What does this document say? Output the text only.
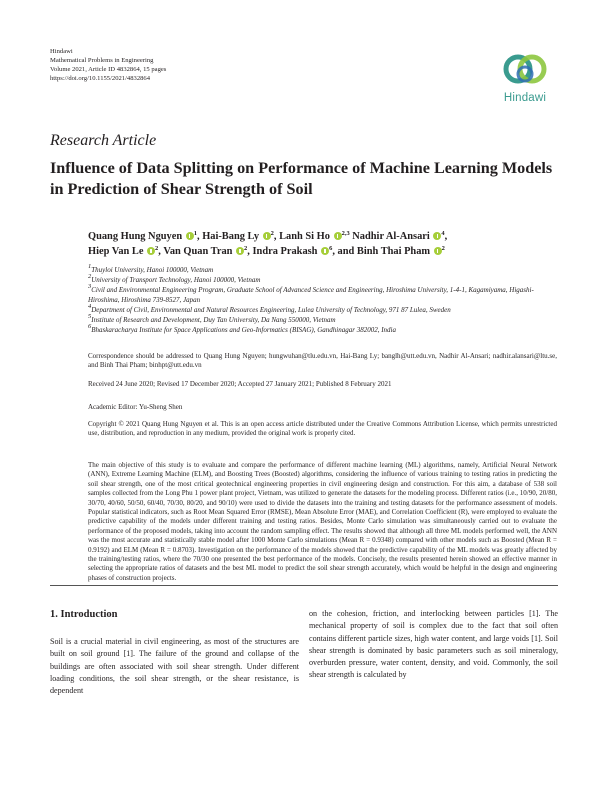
Hindawi
Mathematical Problems in Engineering
Volume 2021, Article ID 4832864, 15 pages
https://doi.org/10.1155/2021/4832864
Hindawi
Research Article
Influence of Data Splitting on Performance of Machine Learning Models in Prediction of Shear Strength of Soil
Quang Hung Nguyen $^1$, Hai-Bang Ly $^2$, Lanh Si Ho $^{2,3}$ Nadhir Al-Ansari $^4$,
Hiep Van Le $^2$, Van Quan Tran $^2$, Indra Prakash $^6$, and Binh Thai Pham $^2$
$^1$Thuyloi University, Hanoi 100000, Vietnam
$^2$University of Transport Technology, Hanoi 100000, Vietnam
$^3$Civil and Environmental Engineering Program, Graduate School of Advanced Science and Engineering, Hiroshima University, 1-4-1, Kagamiyama, Higashi-Hiroshima, Hiroshima 739-8527, Japan
$^4$Department of Civil, Environmental and Natural Resources Engineering, Lulea University of Technology, 971 87 Lulea, Sweden
$^5$Institute of Research and Development, Duy Tan University, Da Nang 550000, Vietnam
$^6$Bhaskaracharya Institute for Space Applications and Geo-Informatics (BISAG), Gandhinagar 382002, India
Correspondence should be addressed to Quang Hung Nguyen; hungwuhan@tlu.edu.vn, Hai-Bang Ly; banglh@utt.edu.vn, Nadhir Al-Ansari; nadhir.alansari@ltu.se, and Binh Thai Pham; binhpt@utt.edu.vn
Received 24 June 2020; Revised 17 December 2020; Accepted 27 January 2021; Published 8 February 2021
Academic Editor: Yu-Sheng Shen
Copyright © 2021 Quang Hung Nguyen et al. This is an open access article distributed under the Creative Commons Attribution License, which permits unrestricted use, distribution, and reproduction in any medium, provided the original work is properly cited.
The main objective of this study is to evaluate and compare the performance of different machine learning (ML) algorithms, namely, Artificial Neural Network (ANN), Extreme Learning Machine (ELM), and Boosting Trees (Boosted) algorithms, considering the influence of various training to testing ratios in predicting the soil shear strength, one of the most critical geotechnical engineering properties in civil engineering design and construction. For this aim, a database of 538 soil samples collected from the Long Phu 1 power plant project, Vietnam, was utilized to generate the datasets for the modeling process. Different ratios (i.e., 10/90, 20/80, 30/70, 40/60, 50/50, 60/40, 70/30, 80/20, and 90/10) were used to divide the datasets into the training and testing datasets for the performance assessment of models. Popular statistical indicators, such as Root Mean Squared Error (RMSE), Mean Absolute Error (MAE), and Correlation Coefficient (R), were employed to evaluate the predictive capability of the models under different training and testing ratios. Besides, Monte Carlo simulation was simultaneously carried out to evaluate the performance of the proposed models, taking into account the random sampling effect. The results showed that although all three ML models performed well, the ANN was the most accurate and statistically stable model after 1000 Monte Carlo simulations (Mean R = 0.9348) compared with other models such as Boosted (Mean R = 0.9192) and ELM (Mean R = 0.8703). Investigation on the performance of the models showed that the predictive capability of the ML models was greatly affected by the training/testing ratios, where the 70/30 one presented the best performance of the models. Concisely, the results presented herein showed an effective manner in selecting the appropriate ratios of datasets and the best ML model to predict the soil shear strength accurately, which would be helpful in the design and engineering phases of construction projects.
1. Introduction
Soil is a crucial material in civil engineering, as most of the structures are built on soil ground [1]. The failure of the ground and collapse of the buildings are often associated with soil shear strength. Under different loading conditions, the soil shear strength, or the shear resistance, is dependent
on the cohesion, friction, and interlocking between particles [1]. The mechanical property of soil is complex due to the fact that soil often contains different particle sizes, high water content, and large voids [1]. Soil shear strength is dominated by basic parameters such as soil mineralogy, overburden pressure, water content, density, and void. Commonly, the soil shear strength is calculated by
